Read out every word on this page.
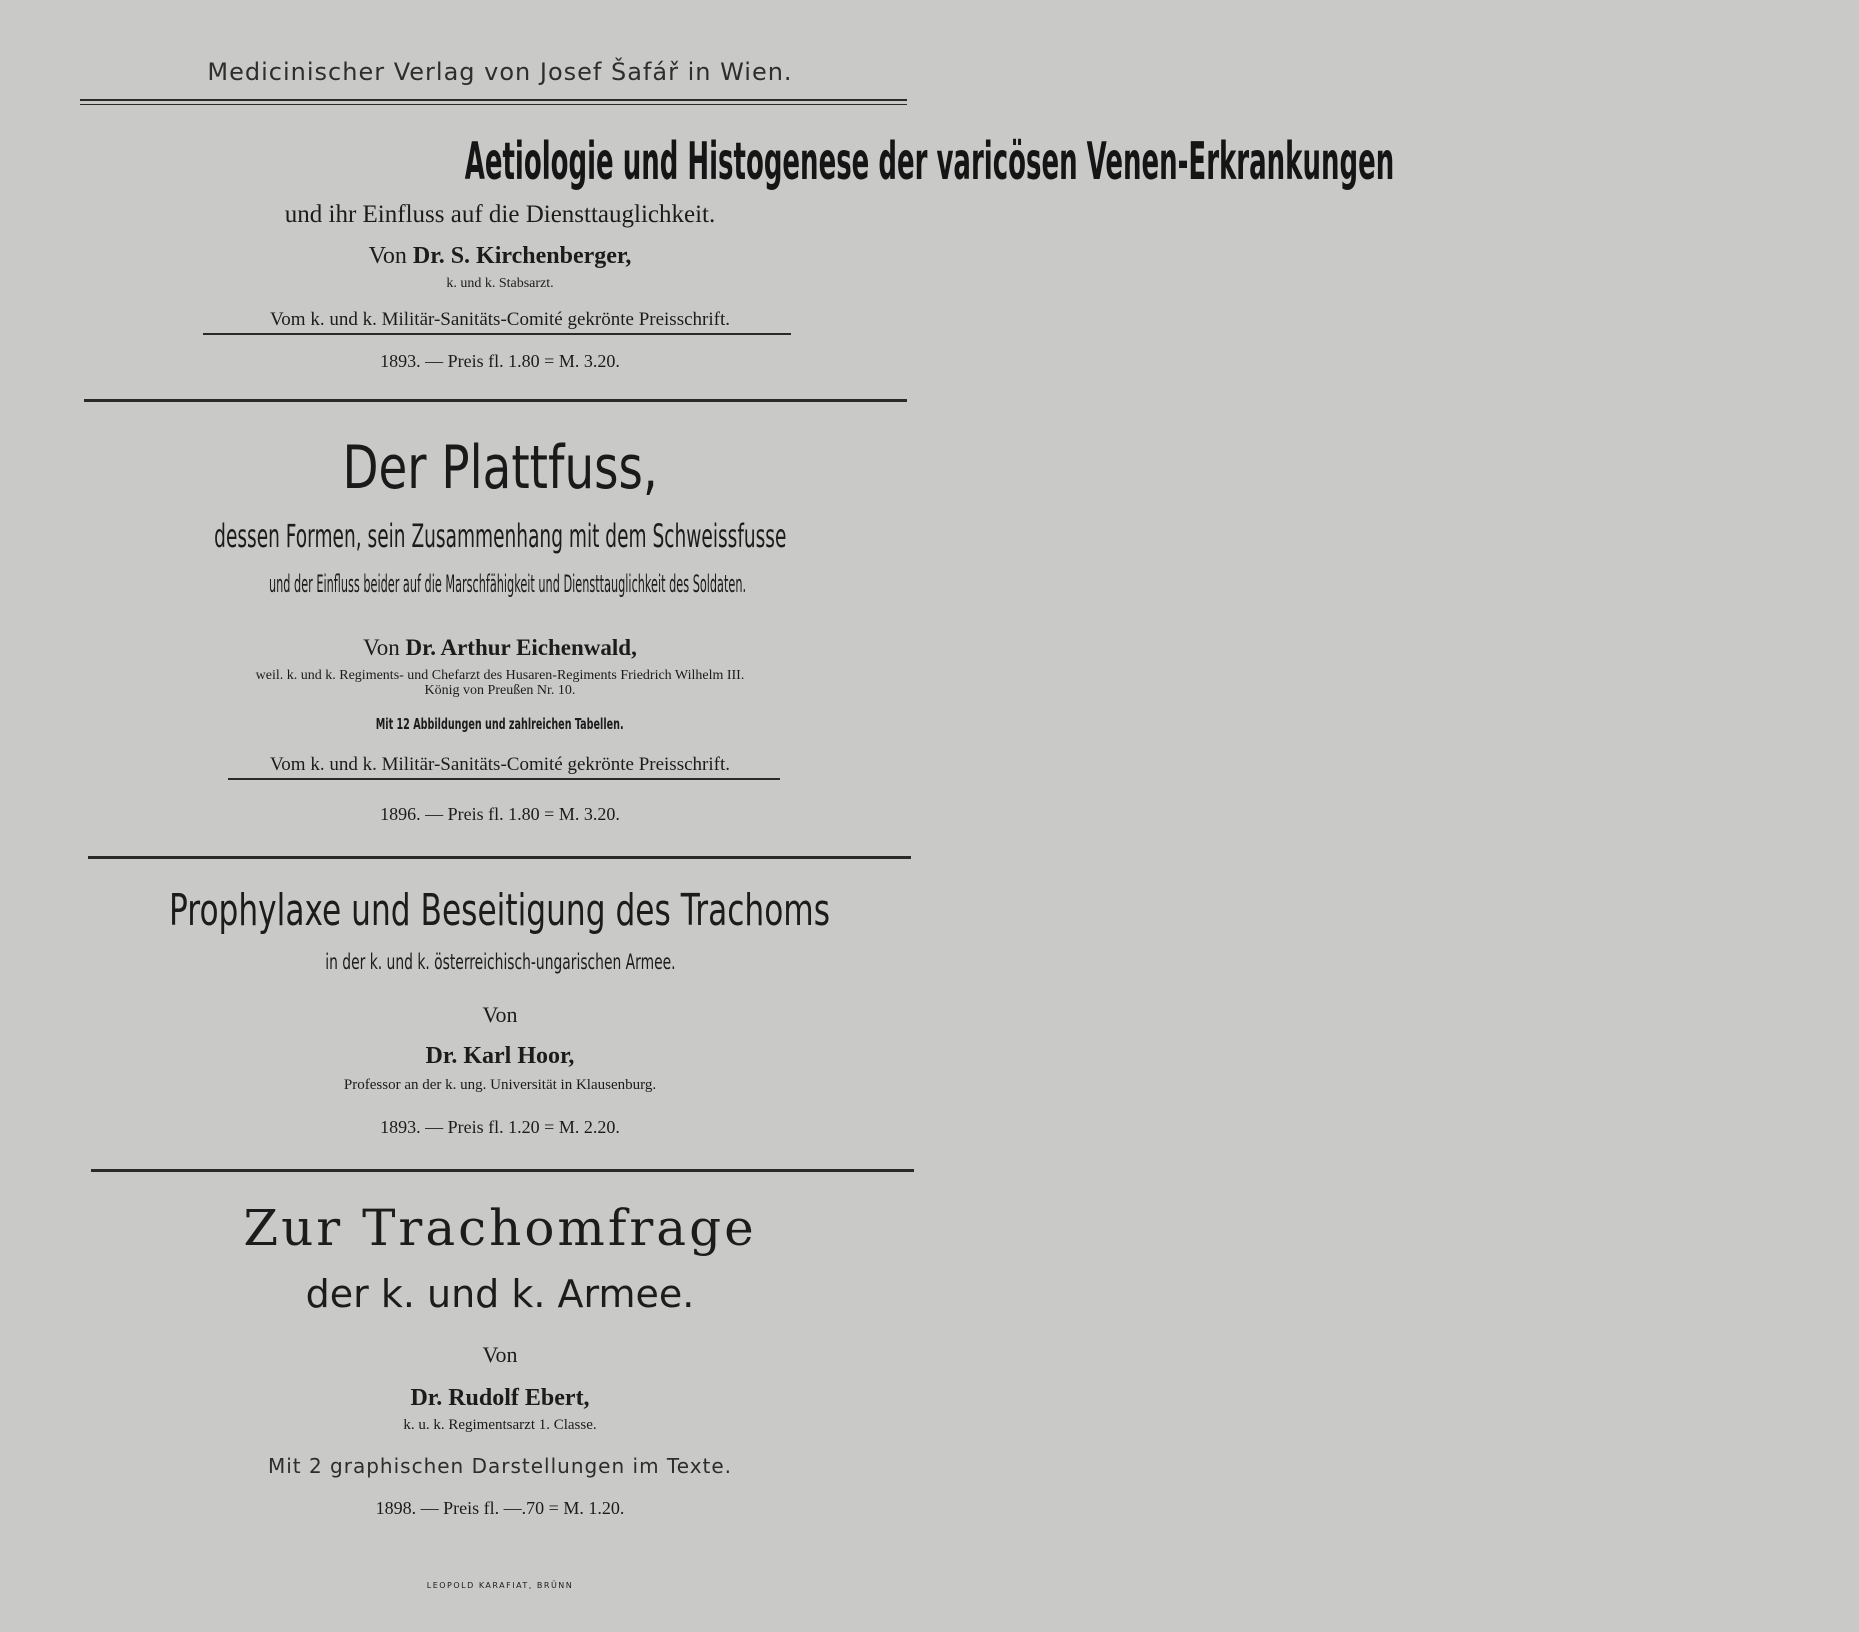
Medicinischer Verlag von Josef Šafář in Wien.
Aetiologie und Histogenese der varicösen Venen-Erkrankungen
und ihr Einfluss auf die Diensttauglichkeit.
Von Dr. S. Kirchenberger,
k. und k. Stabsarzt.
Vom k. und k. Militär-Sanitäts-Comité gekrönte Preisschrift.
1893. — Preis fl. 1.80 = M. 3.20.
Der Plattfuss,
dessen Formen, sein Zusammenhang mit dem Schweissfusse
und der Einfluss beider auf die Marschfähigkeit und Diensttauglichkeit des Soldaten.
Von Dr. Arthur Eichenwald,
weil. k. und k. Regiments- und Chefarzt des Husaren-Regiments Friedrich Wilhelm III.
König von Preußen Nr. 10.
Mit 12 Abbildungen und zahlreichen Tabellen.
Vom k. und k. Militär-Sanitäts-Comité gekrönte Preisschrift.
1896. — Preis fl. 1.80 = M. 3.20.
Prophylaxe und Beseitigung des Trachoms
in der k. und k. österreichisch-ungarischen Armee.
Von
Dr. Karl Hoor,
Professor an der k. ung. Universität in Klausenburg.
1893. — Preis fl. 1.20 = M. 2.20.
Zur Trachomfrage
der k. und k. Armee.
Von
Dr. Rudolf Ebert,
k. u. k. Regimentsarzt 1. Classe.
Mit 2 graphischen Darstellungen im Texte.
1898. — Preis fl. —.70 = M. 1.20.
LEOPOLD KARAFIAT, BRÜNN
